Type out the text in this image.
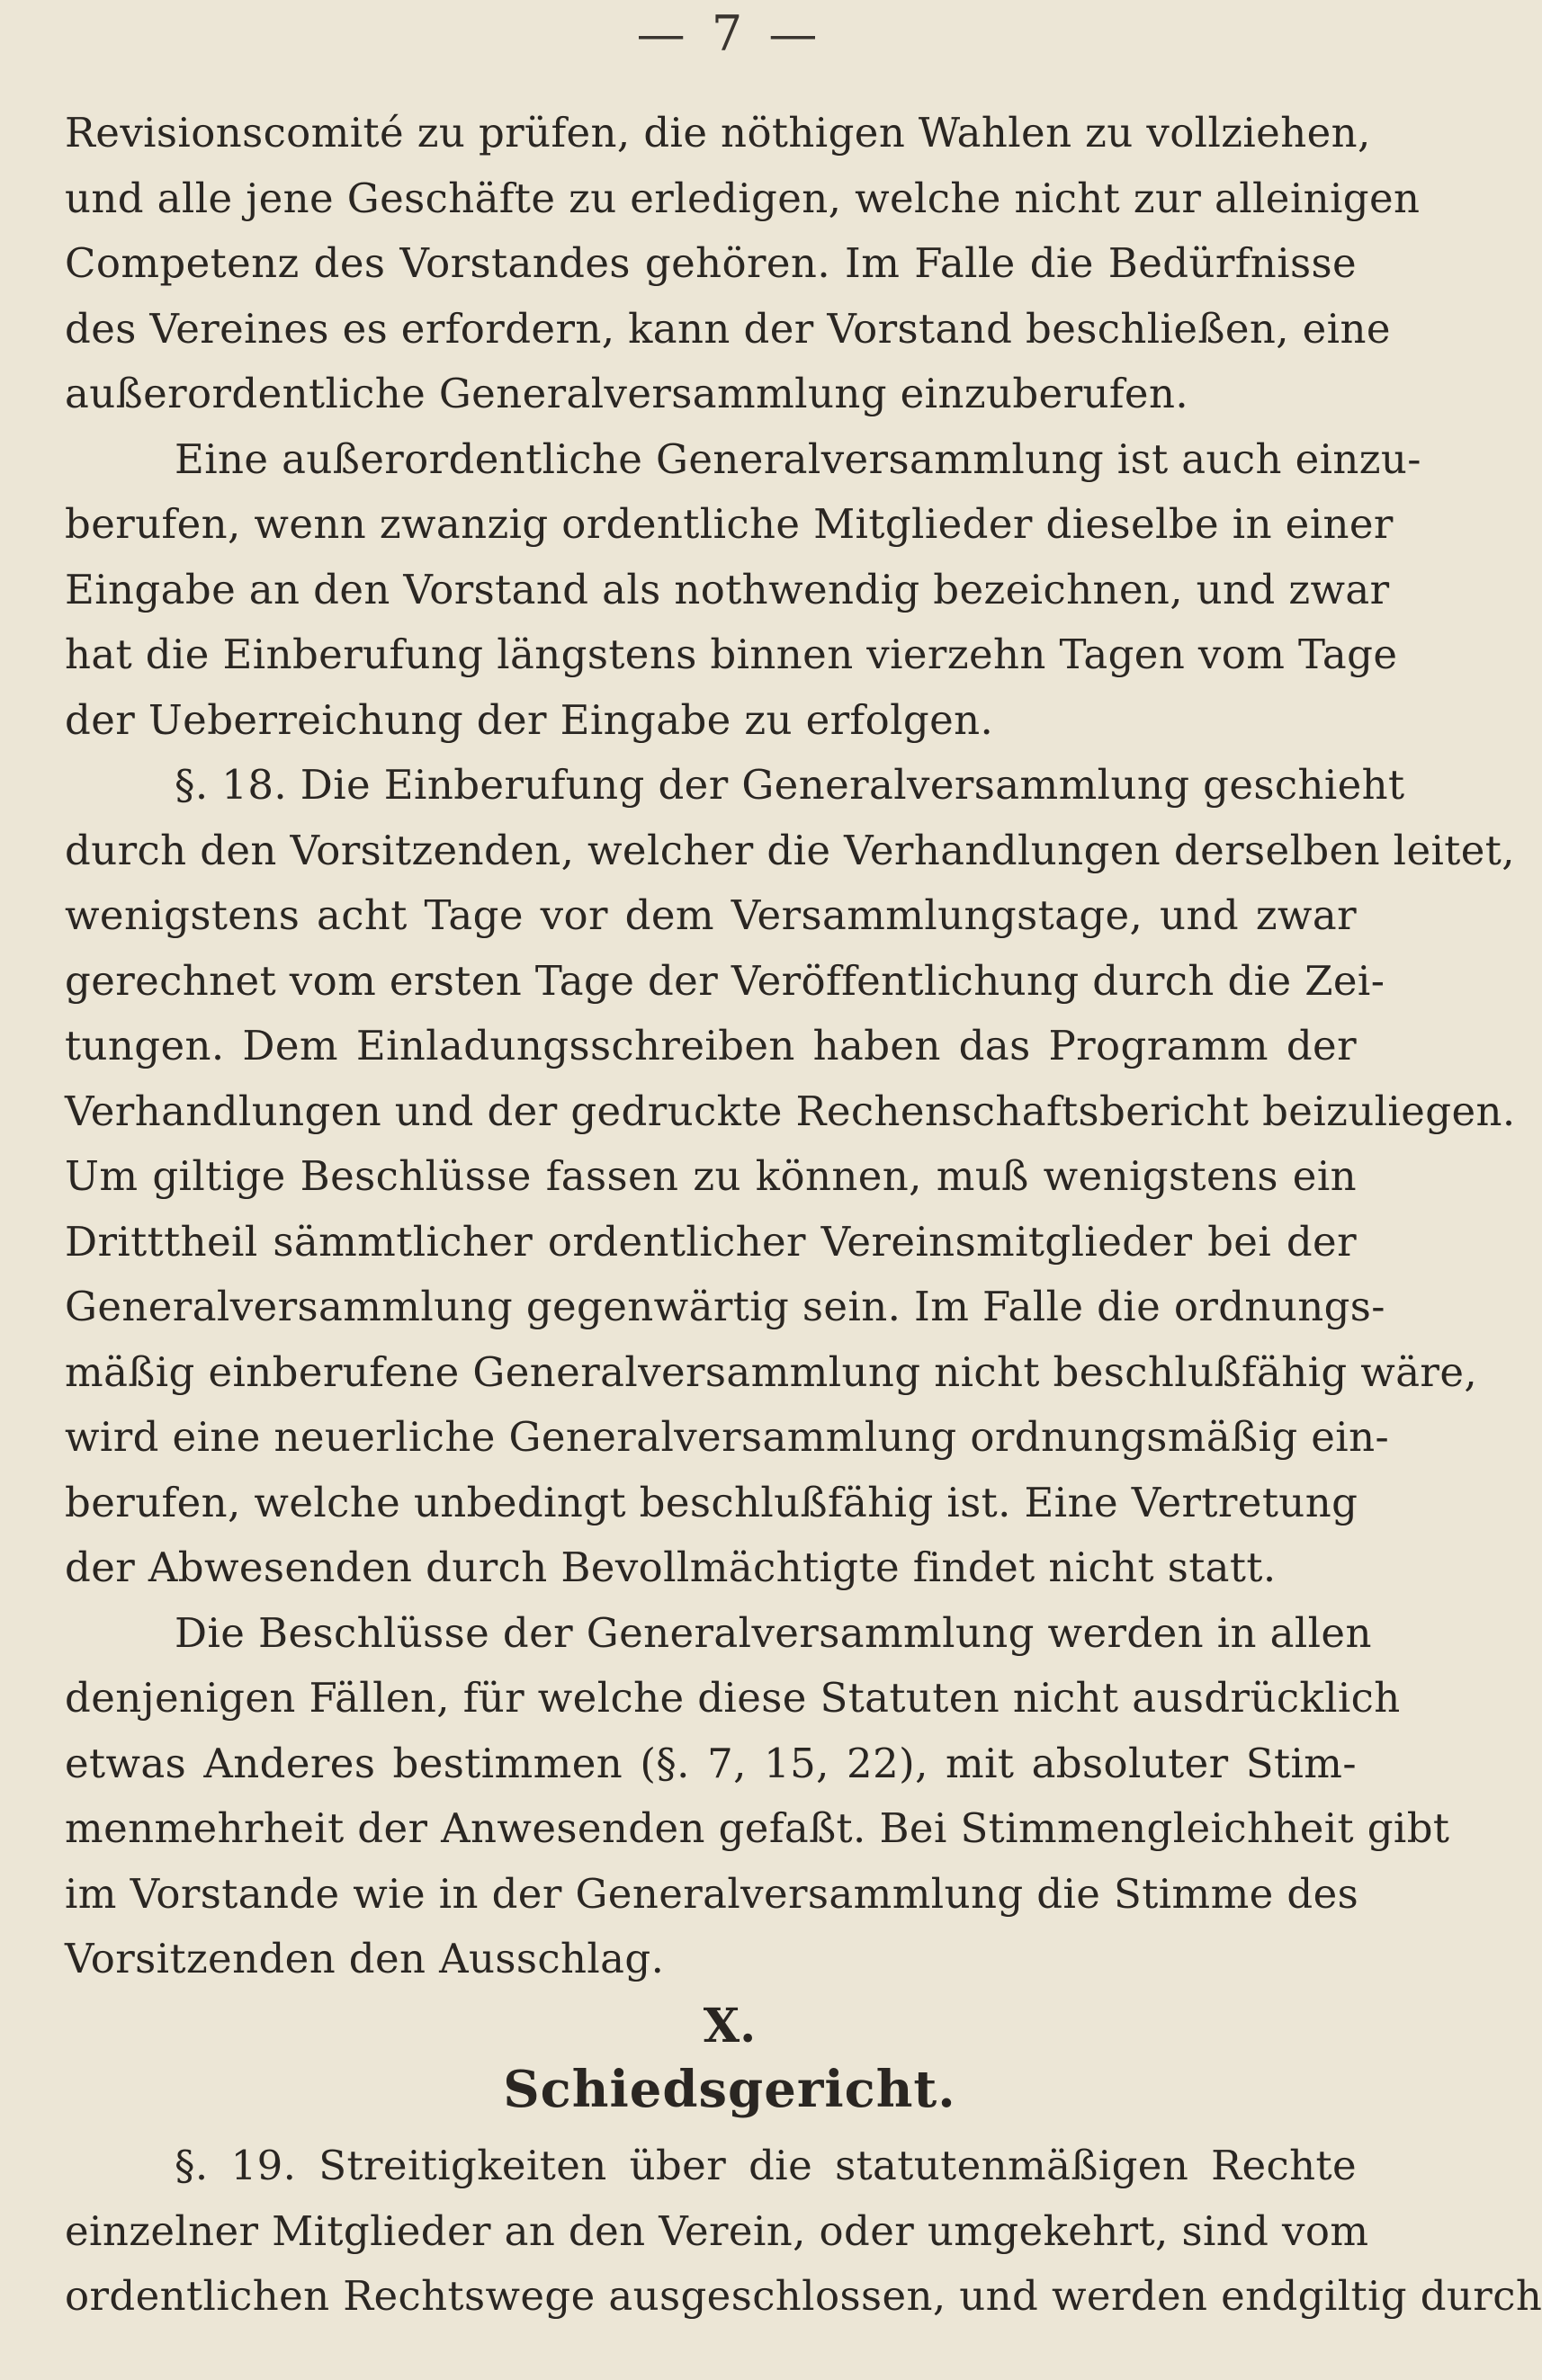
— 7 —
Revisionscomité zu prüfen, die nöthigen Wahlen zu vollziehen,
und alle jene Geschäfte zu erledigen, welche nicht zur alleinigen
Competenz des Vorstandes gehören. Im Falle die Bedürfnisse
des Vereines es erfordern, kann der Vorstand beschließen, eine
außerordentliche Generalversammlung einzuberufen.
Eine außerordentliche Generalversammlung ist auch einzu-
berufen, wenn zwanzig ordentliche Mitglieder dieselbe in einer
Eingabe an den Vorstand als nothwendig bezeichnen, und zwar
hat die Einberufung längstens binnen vierzehn Tagen vom Tage
der Ueberreichung der Eingabe zu erfolgen.
§. 18. Die Einberufung der Generalversammlung geschieht
durch den Vorsitzenden, welcher die Verhandlungen derselben leitet,
wenigstens acht Tage vor dem Versammlungstage, und zwar
gerechnet vom ersten Tage der Veröffentlichung durch die Zei-
tungen. Dem Einladungsschreiben haben das Programm der
Verhandlungen und der gedruckte Rechenschaftsbericht beizuliegen.
Um giltige Beschlüsse fassen zu können, muß wenigstens ein
Dritttheil sämmtlicher ordentlicher Vereinsmitglieder bei der
Generalversammlung gegenwärtig sein. Im Falle die ordnungs-
mäßig einberufene Generalversammlung nicht beschlußfähig wäre,
wird eine neuerliche Generalversammlung ordnungsmäßig ein-
berufen, welche unbedingt beschlußfähig ist. Eine Vertretung
der Abwesenden durch Bevollmächtigte findet nicht statt.
Die Beschlüsse der Generalversammlung werden in allen
denjenigen Fällen, für welche diese Statuten nicht ausdrücklich
etwas Anderes bestimmen (§. 7, 15, 22), mit absoluter Stim-
menmehrheit der Anwesenden gefaßt. Bei Stimmengleichheit gibt
im Vorstande wie in der Generalversammlung die Stimme des
Vorsitzenden den Ausschlag.
X.
Schiedsgericht.
§. 19. Streitigkeiten über die statutenmäßigen Rechte
einzelner Mitglieder an den Verein, oder umgekehrt, sind vom
ordentlichen Rechtswege ausgeschlossen, und werden endgiltig durch
